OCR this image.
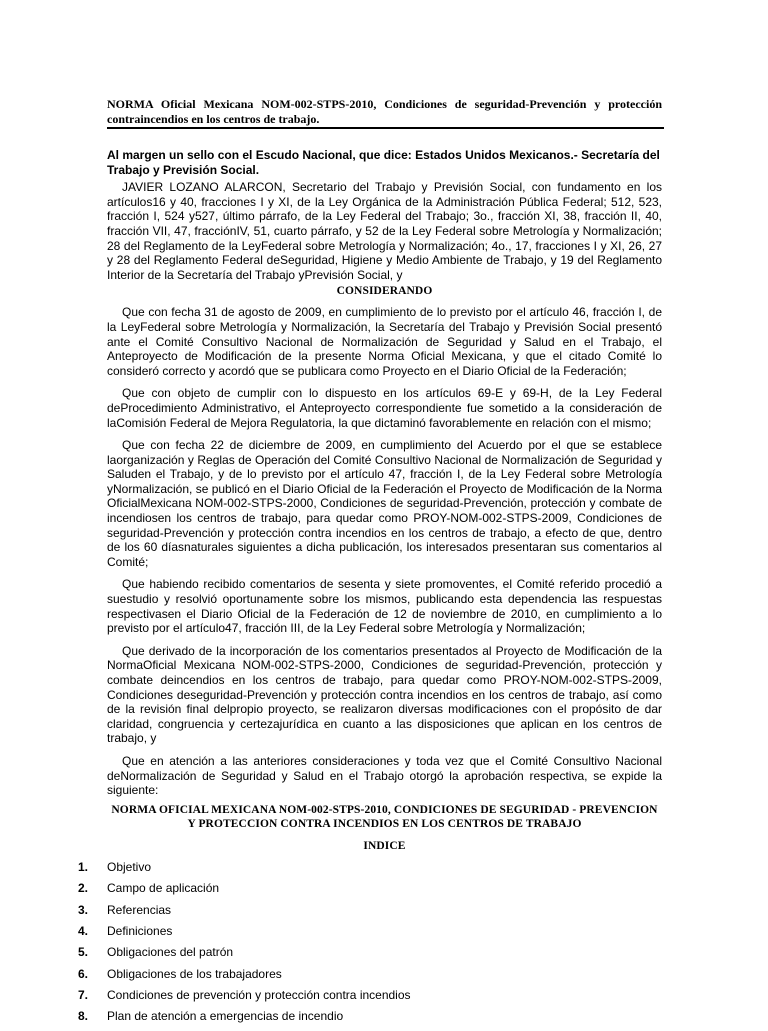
NORMA Oficial Mexicana NOM-002-STPS-2010, Condiciones de seguridad-Prevención y protección contraincendios en los centros de trabajo.

Al margen un sello con el Escudo Nacional, que dice: Estados Unidos Mexicanos.- Secretaría del Trabajo y Previsión Social.

JAVIER LOZANO ALARCON, Secretario del Trabajo y Previsión Social, con fundamento en los artículos16 y 40, fracciones I y XI, de la Ley Orgánica de la Administración Pública Federal; 512, 523, fracción I, 524 y527, último párrafo, de la Ley Federal del Trabajo; 3o., fracción XI, 38, fracción II, 40, fracción VII, 47, fracciónIV, 51, cuarto párrafo, y 52 de la Ley Federal sobre Metrología y Normalización; 28 del Reglamento de la LeyFederal sobre Metrología y Normalización; 4o., 17, fracciones I y XI, 26, 27 y 28 del Reglamento Federal deSeguridad, Higiene y Medio Ambiente de Trabajo, y 19 del Reglamento Interior de la Secretaría del Trabajo yPrevisión Social, y

CONSIDERANDO

Que con fecha 31 de agosto de 2009, en cumplimiento de lo previsto por el artículo 46, fracción I, de la LeyFederal sobre Metrología y Normalización, la Secretaría del Trabajo y Previsión Social presentó ante el Comité Consultivo Nacional de Normalización de Seguridad y Salud en el Trabajo, el Anteproyecto de Modificación de la presente Norma Oficial Mexicana, y que el citado Comité lo consideró correcto y acordó que se publicara como Proyecto en el Diario Oficial de la Federación;

Que con objeto de cumplir con lo dispuesto en los artículos 69-E y 69-H, de la Ley Federal deProcedimiento Administrativo, el Anteproyecto correspondiente fue sometido a la consideración de laComisión Federal de Mejora Regulatoria, la que dictaminó favorablemente en relación con el mismo;

Que con fecha 22 de diciembre de 2009, en cumplimiento del Acuerdo por el que se establece laorganización y Reglas de Operación del Comité Consultivo Nacional de Normalización de Seguridad y Saluden el Trabajo, y de lo previsto por el artículo 47, fracción I, de la Ley Federal sobre Metrología yNormalización, se publicó en el Diario Oficial de la Federación el Proyecto de Modificación de la Norma OficialMexicana NOM-002-STPS-2000, Condiciones de seguridad-Prevención, protección y combate de incendiosen los centros de trabajo, para quedar como PROY-NOM-002-STPS-2009, Condiciones de seguridad-Prevención y protección contra incendios en los centros de trabajo, a efecto de que, dentro de los 60 díasnaturales siguientes a dicha publicación, los interesados presentaran sus comentarios al Comité;

Que habiendo recibido comentarios de sesenta y siete promoventes, el Comité referido procedió a suestudio y resolvió oportunamente sobre los mismos, publicando esta dependencia las respuestas respectivasen el Diario Oficial de la Federación de 12 de noviembre de 2010, en cumplimiento a lo previsto por el artículo47, fracción III, de la Ley Federal sobre Metrología y Normalización;

Que derivado de la incorporación de los comentarios presentados al Proyecto de Modificación de la NormaOficial Mexicana NOM-002-STPS-2000, Condiciones de seguridad-Prevención, protección y combate deincendios en los centros de trabajo, para quedar como PROY-NOM-002-STPS-2009, Condiciones deseguridad-Prevención y protección contra incendios en los centros de trabajo, así como de la revisión final delpropio proyecto, se realizaron diversas modificaciones con el propósito de dar claridad, congruencia y certezajurídica en cuanto a las disposiciones que aplican en los centros de trabajo, y

Que en atención a las anteriores consideraciones y toda vez que el Comité Consultivo Nacional deNormalización de Seguridad y Salud en el Trabajo otorgó la aprobación respectiva, se expide la siguiente:

NORMA OFICIAL MEXICANA NOM-002-STPS-2010, CONDICIONES DE SEGURIDAD - PREVENCION Y PROTECCION CONTRA INCENDIOS EN LOS CENTROS DE TRABAJO
INDICE
1.	Objetivo
2.	Campo de aplicación
3.	Referencias
4.	Definiciones
5.	Obligaciones del patrón
6.	Obligaciones de los trabajadores
7.	Condiciones de prevención y protección contra incendios
8.	Plan de atención a emergencias de incendio
